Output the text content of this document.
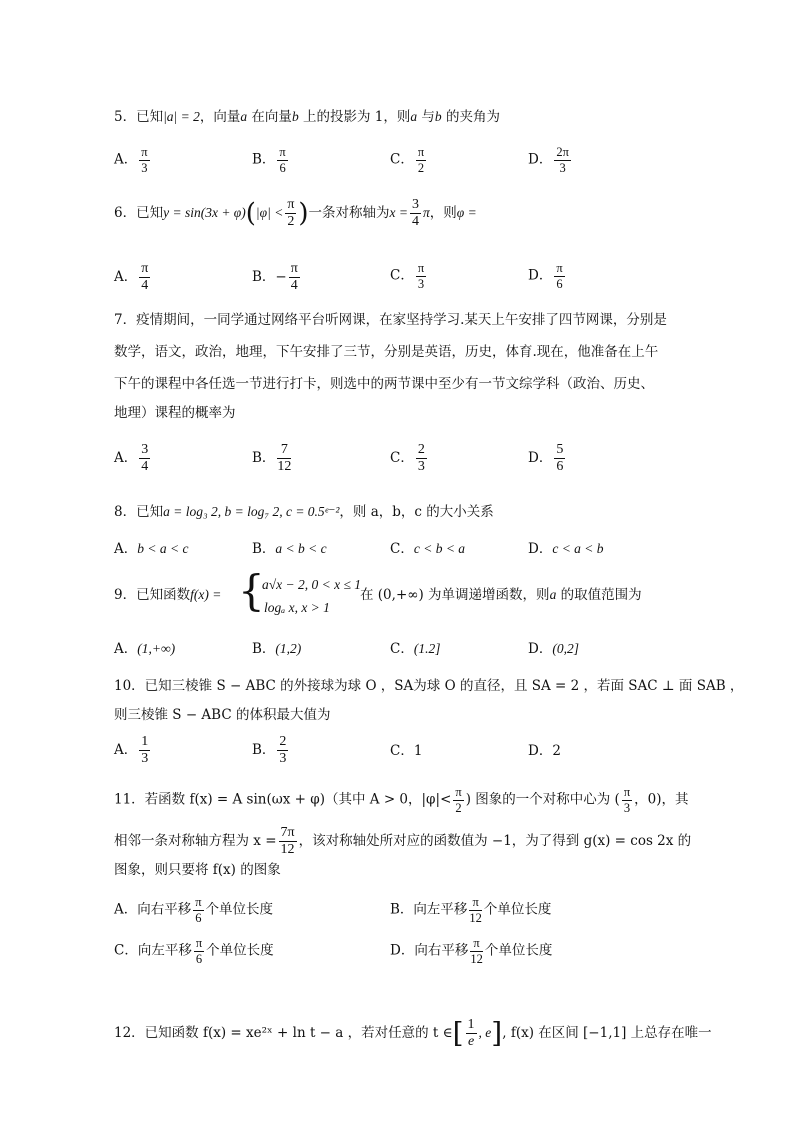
5．已知|a| = 2，向量a 在向量b 上的投影为 1，则a 与b 的夹角为
A． $\frac{\pi}{3}$	B． $\frac{\pi}{6}$	C． $\frac{\pi}{2}$	D． $\frac{2\pi}{3}$
6．已知$y = \sin(3x + \varphi)(|\varphi| < \frac{\pi}{2}$ )一条对称轴为$x = \frac{3}{4}$ π，则φ =
A． $\frac{\pi}{4}$	B．− $\frac{\pi}{4}$	C． $\frac{\pi}{3}$	D． $\frac{\pi}{6}$
7．疫情期间，一同学通过网络平台听网课，在家坚持学习.某天上午安排了四节网课，分别是
数学，语文，政治，地理，下午安排了三节，分别是英语，历史，体育.现在，他准备在上午
下午的课程中各任选一节进行打卡，则选中的两节课中至少有一节文综学科（政治、历史、
地理）课程的概率为
A． $\frac{3}{4}$	B． $\frac{7}{12}$	C． $\frac{2}{3}$	D． $\frac{5}{6}$
8．已知a = log₃ 2, b = log₇ 2, c = 0.5ᵉ⁻²，则 a，b，c 的大小关系
A．b < a < c	B．a < b < c	C．c < b < a	D．c < a < b
9．已知函数f(x) = {
a√x − 2, 0 < x ≤ 1
logₐ x, x > 1
在 (0,+∞) 为单调递增函数，则a 的取值范围为
A．(1,+∞)	B．(1,2)	C．(1.2]	D．(0,2]
10．已知三棱锥 S − ABC 的外接球为球 O ，SA为球 O 的直径，且 SA = 2 ，若面 SAC ⊥ 面 SAB ，
则三棱锥 S − ABC 的体积最大值为
A． $\frac{1}{3}$	B． $\frac{2}{3}$	C．1	D．2
11．若函数 f(x) = A sin(ωx + φ)（其中 A > 0，$|\varphi|< \frac{\pi}{2}$ ) 图象的一个对称中心为 ( $\frac{\pi}{3}$ ，0)，其
相邻一条对称轴方程为 $x = \frac{7\pi}{12}$ ，该对称轴处所对应的函数值为 −1，为了得到 g(x) = cos 2x 的
图象，则只要将 f(x) 的图象
A．向右平移 $\frac{\pi}{6}$ 个单位长度	B．向左平移 $\frac{\pi}{12}$ 个单位长度
C．向左平移 $\frac{\pi}{6}$ 个单位长度	D．向右平移 $\frac{\pi}{12}$ 个单位长度
12．已知函数 f(x) = xe²ˣ + ln t − a ，若对任意的 t ∈[ $\frac{1}{e}$ , e], f(x) 在区间 [−1,1] 上总存在唯一
